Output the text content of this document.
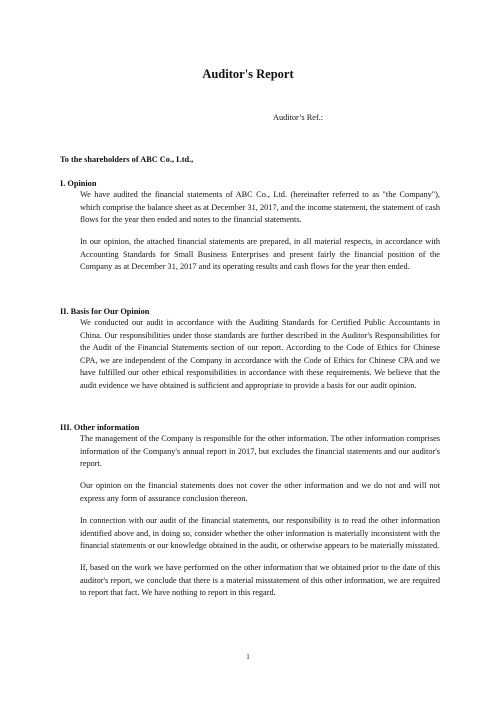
Auditor's Report
Auditor’s Ref.:
To the shareholders of ABC Co., Ltd.,

I. Opinion

We have audited the financial statements of ABC Co., Ltd. (hereinafter referred to as "the Company"), which comprise the balance sheet as at December 31, 2017, and the income statement, the statement of cash flows for the year then ended and notes to the financial statements.

In our opinion, the attached financial statements are prepared, in all material respects, in accordance with Accounting Standards for Small Business Enterprises and present fairly the financial position of the Company as at December 31, 2017 and its operating results and cash flows for the year then ended.

II. Basis for Our Opinion

We conducted our audit in accordance with the Auditing Standards for Certified Public Accountants in China. Our responsibilities under those standards are further described in the Auditor's Responsibilities for the Audit of the Financial Statements section of our report. According to the Code of Ethics for Chinese CPA, we are independent of the Company in accordance with the Code of Ethics for Chinese CPA and we have fulfilled our other ethical responsibilities in accordance with these requirements. We believe that the audit evidence we have obtained is sufficient and appropriate to provide a basis for our audit opinion.

III. Other information

The management of the Company is responsible for the other information. The other information comprises information of the Company's annual report in 2017, but excludes the financial statements and our auditor's report.

Our opinion on the financial statements does not cover the other information and we do not and will not express any form of assurance conclusion thereon.

In connection with our audit of the financial statements, our responsibility is to read the other information identified above and, in doing so, consider whether the other information is materially inconsistent with the financial statements or our knowledge obtained in the audit, or otherwise appears to be materially misstated.

If, based on the work we have performed on the other information that we obtained prior to the date of this auditor's report, we conclude that there is a material misstatement of this other information, we are required to report that fact. We have nothing to report in this regard.

1
